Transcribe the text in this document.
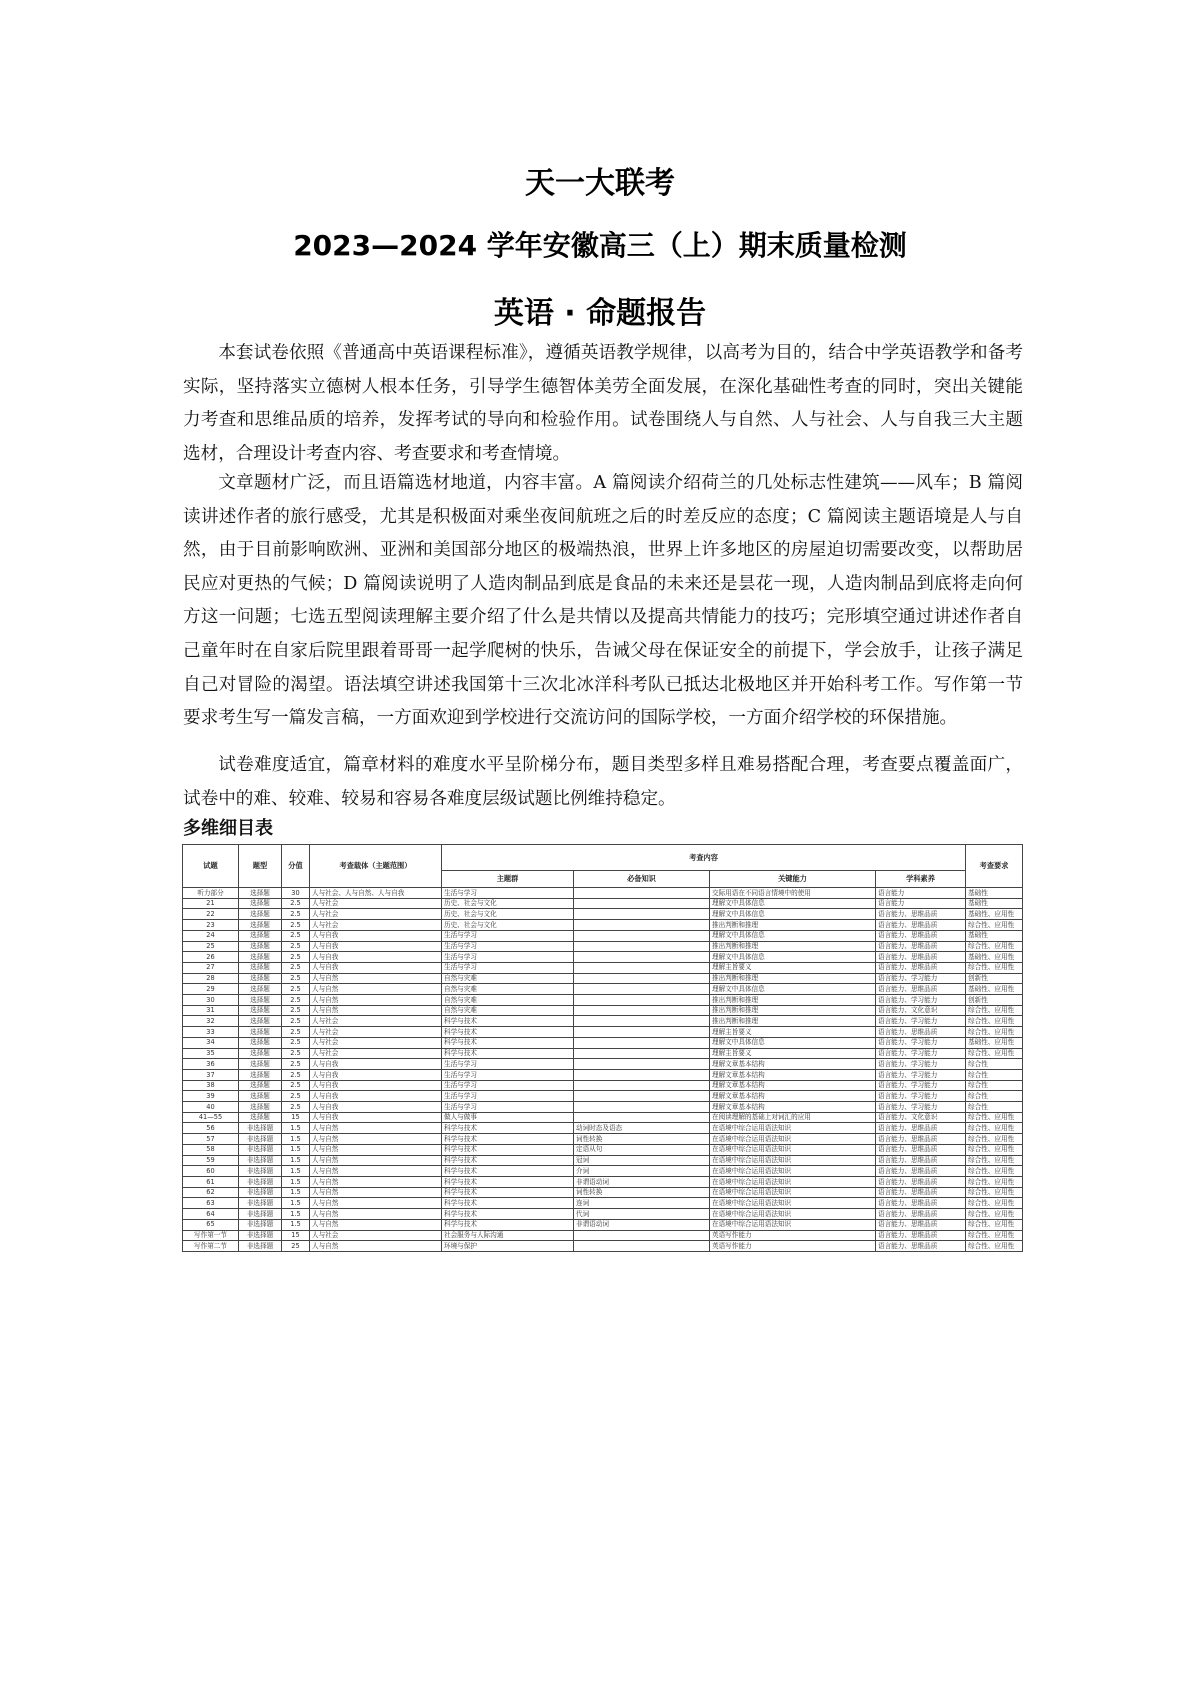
天一大联考
2023—2024 学年安徽高三（上）期末质量检测
英语 · 命题报告

本套试卷依照《普通高中英语课程标准》，遵循英语教学规律，以高考为目的，结合中学英语教学和备考实际，坚持落实立德树人根本任务，引导学生德智体美劳全面发展，在深化基础性考查的同时，突出关键能力考查和思维品质的培养，发挥考试的导向和检验作用。试卷围绕人与自然、人与社会、人与自我三大主题选材，合理设计考查内容、考查要求和考查情境。

文章题材广泛，而且语篇选材地道，内容丰富。A 篇阅读介绍荷兰的几处标志性建筑——风车；B 篇阅读讲述作者的旅行感受，尤其是积极面对乘坐夜间航班之后的时差反应的态度；C 篇阅读主题语境是人与自然，由于目前影响欧洲、亚洲和美国部分地区的极端热浪，世界上许多地区的房屋迫切需要改变，以帮助居民应对更热的气候；D 篇阅读说明了人造肉制品到底是食品的未来还是昙花一现，人造肉制品到底将走向何方这一问题；七选五型阅读理解主要介绍了什么是共情以及提高共情能力的技巧；完形填空通过讲述作者自己童年时在自家后院里跟着哥哥一起学爬树的快乐，告诫父母在保证安全的前提下，学会放手，让孩子满足自己对冒险的渴望。语法填空讲述我国第十三次北冰洋科考队已抵达北极地区并开始科考工作。写作第一节要求考生写一篇发言稿，一方面欢迎到学校进行交流访问的国际学校，一方面介绍学校的环保措施。

试卷难度适宜，篇章材料的难度水平呈阶梯分布，题目类型多样且难易搭配合理，考查要点覆盖面广，试卷中的难、较难、较易和容易各难度层级试题比例维持稳定。

多维细目表
试题	题型	分值	考查载体（主题范围）	考查内容				考查要求
				主题群	必备知识	关键能力	学科素养	
听力部分	选择题	30	人与社会、人与自然、人与自我	生活与学习		交际用语在不同语言情境中的使用	语言能力	基础性
21	选择题	2.5	人与社会	历史、社会与文化		理解文中具体信息	语言能力	基础性
22	选择题	2.5	人与社会	历史、社会与文化		理解文中具体信息	语言能力、思维品质	基础性、应用性
23	选择题	2.5	人与社会	历史、社会与文化		推出判断和推理	语言能力、思维品质	综合性、应用性
24	选择题	2.5	人与自我	生活与学习		理解文中具体信息	语言能力、思维品质	基础性
25	选择题	2.5	人与自我	生活与学习		推出判断和推理	语言能力、思维品质	综合性、应用性
26	选择题	2.5	人与自我	生活与学习		理解文中具体信息	语言能力、思维品质	基础性、应用性
27	选择题	2.5	人与自我	生活与学习		理解主旨要义	语言能力、思维品质	综合性、应用性
28	选择题	2.5	人与自然	自然与灾难		推出判断和推理	语言能力、学习能力	创新性
29	选择题	2.5	人与自然	自然与灾难		理解文中具体信息	语言能力、思维品质	基础性、应用性
30	选择题	2.5	人与自然	自然与灾难		推出判断和推理	语言能力、学习能力	创新性
31	选择题	2.5	人与自然	自然与灾难		推出判断和推理	语言能力、文化意识	综合性、应用性
32	选择题	2.5	人与社会	科学与技术		推出判断和推理	语言能力、学习能力	综合性、应用性
33	选择题	2.5	人与社会	科学与技术		理解主旨要义	语言能力、思维品质	综合性、应用性
34	选择题	2.5	人与社会	科学与技术		理解文中具体信息	语言能力、学习能力	基础性、应用性
35	选择题	2.5	人与社会	科学与技术		理解主旨要义	语言能力、学习能力	综合性、应用性
36	选择题	2.5	人与自我	生活与学习		理解文章基本结构	语言能力、学习能力	综合性
37	选择题	2.5	人与自我	生活与学习		理解文章基本结构	语言能力、学习能力	综合性
38	选择题	2.5	人与自我	生活与学习		理解文章基本结构	语言能力、学习能力	综合性
39	选择题	2.5	人与自我	生活与学习		理解文章基本结构	语言能力、学习能力	综合性
40	选择题	2.5	人与自我	生活与学习		理解文章基本结构	语言能力、学习能力	综合性
41—55	选择题	15	人与自我	做人与做事		在阅读理解的基础上对词汇的应用	语言能力、文化意识	综合性、应用性
56	非选择题	1.5	人与自然	科学与技术	动词时态及语态	在语境中综合运用语法知识	语言能力、思维品质	综合性、应用性
57	非选择题	1.5	人与自然	科学与技术	词性转换	在语境中综合运用语法知识	语言能力、思维品质	综合性、应用性
58	非选择题	1.5	人与自然	科学与技术	定语从句	在语境中综合运用语法知识	语言能力、思维品质	综合性、应用性
59	非选择题	1.5	人与自然	科学与技术	冠词	在语境中综合运用语法知识	语言能力、思维品质	综合性、应用性
60	非选择题	1.5	人与自然	科学与技术	介词	在语境中综合运用语法知识	语言能力、思维品质	综合性、应用性
61	非选择题	1.5	人与自然	科学与技术	非谓语动词	在语境中综合运用语法知识	语言能力、思维品质	综合性、应用性
62	非选择题	1.5	人与自然	科学与技术	词性转换	在语境中综合运用语法知识	语言能力、思维品质	综合性、应用性
63	非选择题	1.5	人与自然	科学与技术	连词	在语境中综合运用语法知识	语言能力、思维品质	综合性、应用性
64	非选择题	1.5	人与自然	科学与技术	代词	在语境中综合运用语法知识	语言能力、思维品质	综合性、应用性
65	非选择题	1.5	人与自然	科学与技术	非谓语动词	在语境中综合运用语法知识	语言能力、思维品质	综合性、应用性
写作第一节	非选择题	15	人与社会	社会服务与人际沟通		英语写作能力	语言能力、思维品质	综合性、应用性
写作第二节	非选择题	25	人与自然	环境与保护		英语写作能力	语言能力、思维品质	综合性、应用性
